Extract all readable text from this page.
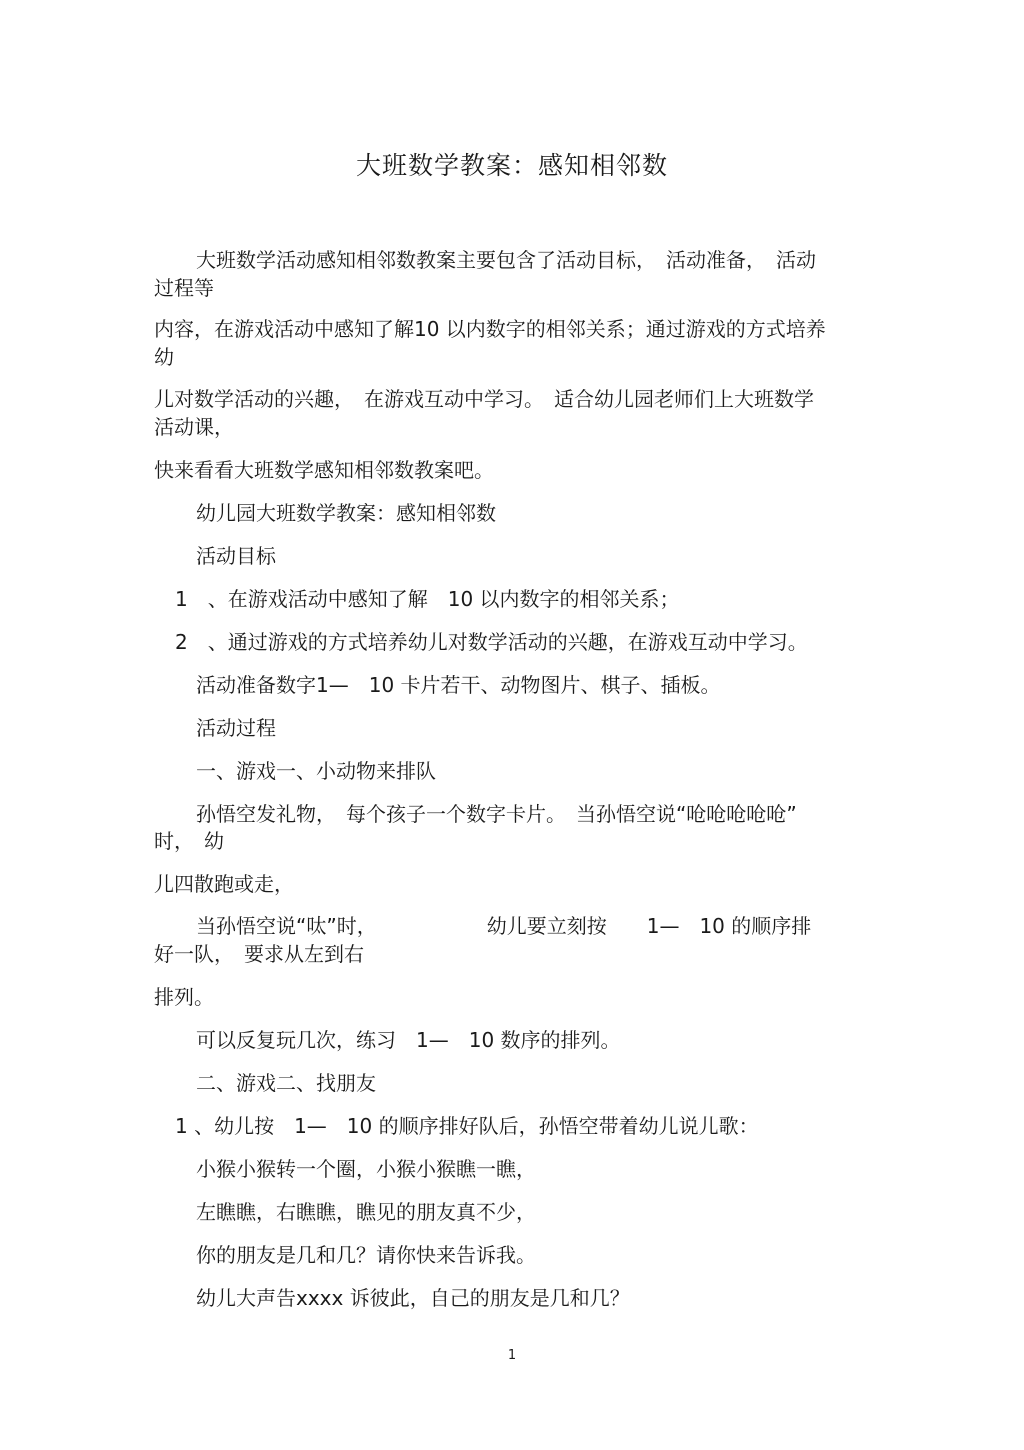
大班数学教案：感知相邻数
大班数学活动感知相邻数教案主要包含了活动目标，　活动准备，　活动
过程等
内容，在游戏活动中感知了解10 以内数字的相邻关系；通过游戏的方式培养
幼
儿对数学活动的兴趣，　在游戏互动中学习。　适合幼儿园老师们上大班数学
活动课，
快来看看大班数学感知相邻数教案吧。
幼儿园大班数学教案：感知相邻数
活动目标
1　、在游戏活动中感知了解　10 以内数字的相邻关系；
2　、通过游戏的方式培养幼儿对数学活动的兴趣，在游戏互动中学习。
活动准备数字1—　10 卡片若干、动物图片、棋子、插板。
活动过程
一、游戏一、小动物来排队
孙悟空发礼物，　每个孩子一个数字卡片。　当孙悟空说“呛呛呛呛呛”
时，　幼
儿四散跑或走，
当孙悟空说“呔”时，　　　　　　幼儿要立刻按　　1—　10 的顺序排
好一队，　要求从左到右
排列。
可以反复玩几次，练习　1—　10 数序的排列。
二、游戏二、找朋友
1 、幼儿按　1—　10 的顺序排好队后，孙悟空带着幼儿说儿歌：
小猴小猴转一个圈，小猴小猴瞧一瞧，
左瞧瞧，右瞧瞧，瞧见的朋友真不少，
你的朋友是几和几？请你快来告诉我。
幼儿大声告xxxx 诉彼此，自己的朋友是几和几？
1
